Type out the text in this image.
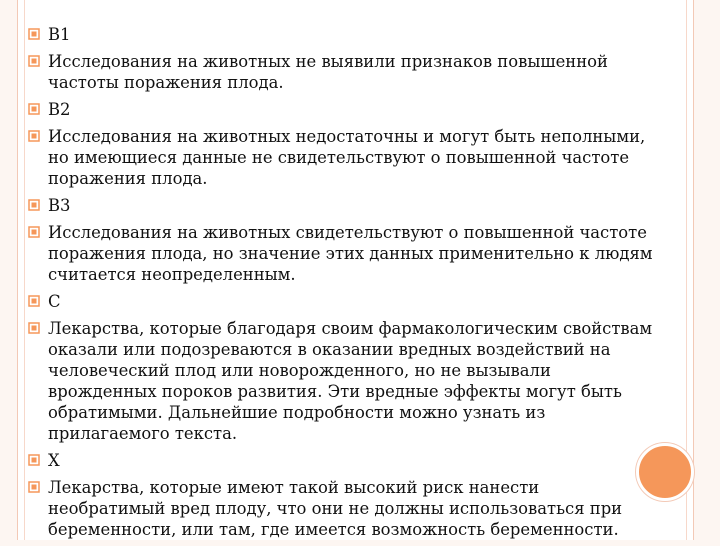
B1
Исследования на животных не выявили признаков повышенной частоты поражения плода.
B2
Исследования на животных недостаточны и могут быть неполными, но имеющиеся данные не свидетельствуют о повышенной частоте поражения плода.
B3
Исследования на животных свидетельствуют о повышенной частоте поражения плода, но значение этих данных применительно к людям считается неопределенным.
C
Лекарства, которые благодаря своим фармакологическим свойствам оказали или подозреваются в оказании вредных воздействий на человеческий плод или новорожденного, но не вызывали врожденных пороков развития. Эти вредные эффекты могут быть обратимыми. Дальнейшие подробности можно узнать из прилагаемого текста.
X
Лекарства, которые имеют такой высокий риск нанести необратимый вред плоду, что они не должны использоваться при беременности, или там, где имеется возможность беременности.
